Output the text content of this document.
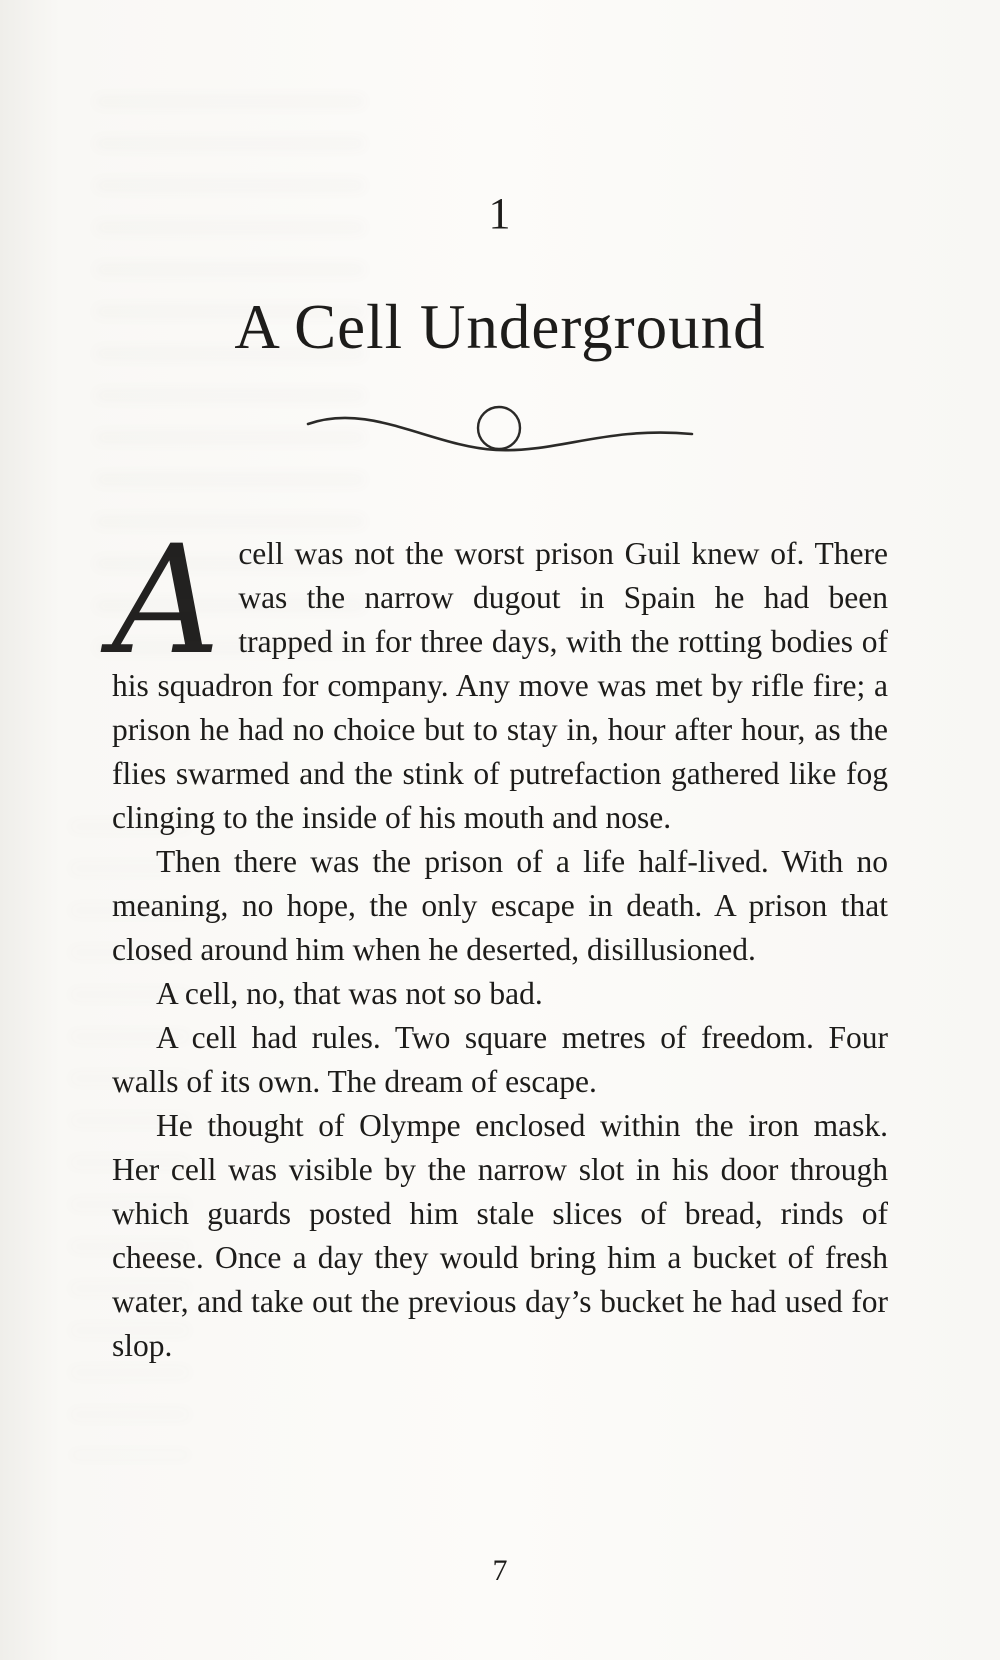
1
A Cell Underground

Acell was not the worst prison Guil knew of. There was the narrow dugout in Spain he had been trapped in for three days, with the rotting bodies of his squadron for company. Any move was met by rifle fire; a prison he had no choice but to stay in, hour after hour, as the flies swarmed and the stink of putrefaction gathered like fog clinging to the inside of his mouth and nose.

Then there was the prison of a life half-lived. With no meaning, no hope, the only escape in death. A prison that closed around him when he deserted, disillusioned.

A cell, no, that was not so bad.

A cell had rules. Two square metres of freedom. Four walls of its own. The dream of escape.

He thought of Olympe enclosed within the iron mask. Her cell was visible by the narrow slot in his door through which guards posted him stale slices of bread, rinds of cheese. Once a day they would bring him a bucket of fresh water, and take out the previous day’s bucket he had used for slop.

7
